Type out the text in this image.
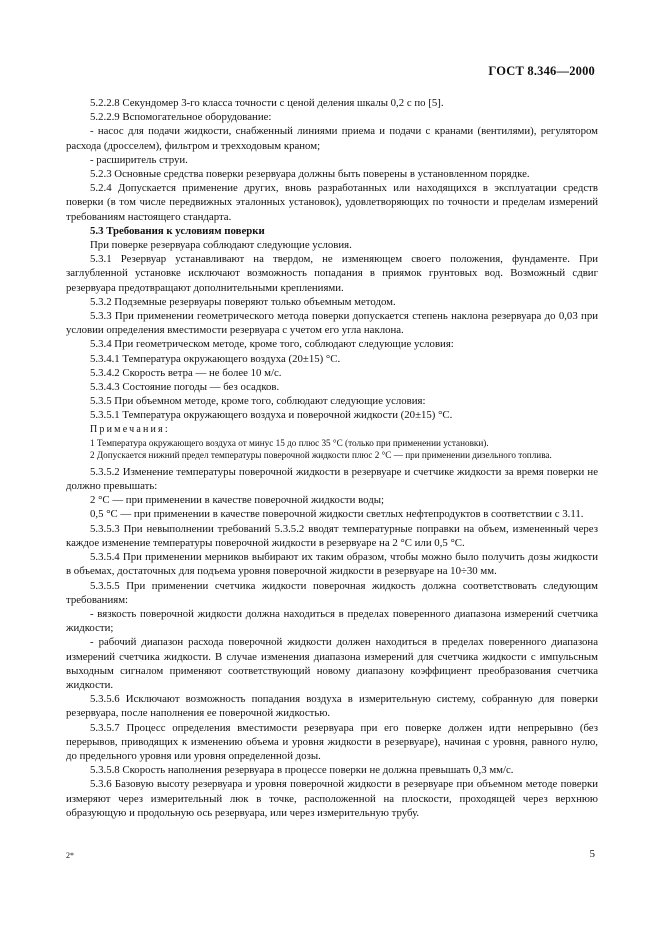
ГОСТ 8.346—2000

5.2.2.8 Секундомер 3-го класса точности с ценой деления шкалы 0,2 с по [5].

5.2.2.9 Вспомогательное оборудование:

- насос для подачи жидкости, снабженный линиями приема и подачи с кранами (вентилями), регулятором расхода (дросселем), фильтром и трехходовым краном;

- расширитель струи.

5.2.3 Основные средства поверки резервуара должны быть поверены в установленном порядке.

5.2.4 Допускается применение других, вновь разработанных или находящихся в эксплуатации средств поверки (в том числе передвижных эталонных установок), удовлетворяющих по точности и пределам измерений требованиям настоящего стандарта.

5.3 Требования к условиям поверки

При поверке резервуара соблюдают следующие условия.

5.3.1 Резервуар устанавливают на твердом, не изменяющем своего положения, фундаменте. При заглубленной установке исключают возможность попадания в приямок грунтовых вод. Возможный сдвиг резервуара предотвращают дополнительными креплениями.

5.3.2 Подземные резервуары поверяют только объемным методом.

5.3.3 При применении геометрического метода поверки допускается степень наклона резервуара до 0,03 при условии определения вместимости резервуара с учетом его угла наклона.

5.3.4 При геометрическом методе, кроме того, соблюдают следующие условия:

5.3.4.1 Температура окружающего воздуха (20±15) °С.

5.3.4.2 Скорость ветра — не более 10 м/с.

5.3.4.3 Состояние погоды — без осадков.

5.3.5 При объемном методе, кроме того, соблюдают следующие условия:

5.3.5.1 Температура окружающего воздуха и поверочной жидкости (20±15) °С.

Примечания:

1 Температура окружающего воздуха от минус 15 до плюс 35 °С (только при применении установки).

2 Допускается нижний предел температуры поверочной жидкости плюс 2 °С — при применении дизельного топлива.

5.3.5.2 Изменение температуры поверочной жидкости в резервуаре и счетчике жидкости за время поверки не должно превышать:

2 °С — при применении в качестве поверочной жидкости воды;

0,5 °С — при применении в качестве поверочной жидкости светлых нефтепродуктов в соответствии с 3.11.

5.3.5.3 При невыполнении требований 5.3.5.2 вводят температурные поправки на объем, измененный через каждое изменение температуры поверочной жидкости в резервуаре на 2 °С или 0,5 °С.

5.3.5.4 При применении мерников выбирают их таким образом, чтобы можно было получить дозы жидкости в объемах, достаточных для подъема уровня поверочной жидкости в резервуаре на 10÷30 мм.

5.3.5.5 При применении счетчика жидкости поверочная жидкость должна соответствовать следующим требованиям:

- вязкость поверочной жидкости должна находиться в пределах поверенного диапазона измерений счетчика жидкости;

- рабочий диапазон расхода поверочной жидкости должен находиться в пределах поверенного диапазона измерений счетчика жидкости. В случае изменения диапазона измерений для счетчика жидкости с импульсным выходным сигналом применяют соответствующий новому диапазону коэффициент преобразования счетчика жидкости.

5.3.5.6 Исключают возможность попадания воздуха в измерительную систему, собранную для поверки резервуара, после наполнения ее поверочной жидкостью.

5.3.5.7 Процесс определения вместимости резервуара при его поверке должен идти непрерывно (без перерывов, приводящих к изменению объема и уровня жидкости в резервуаре), начиная с уровня, равного нулю, до предельного уровня или уровня определенной дозы.

5.3.5.8 Скорость наполнения резервуара в процессе поверки не должна превышать 0,3 мм/с.

5.3.6 Базовую высоту резервуара и уровня поверочной жидкости в резервуаре при объемном методе поверки измеряют через измерительный люк в точке, расположенной на плоскости, проходящей через верхнюю образующую и продольную ось резервуара, или через измерительную трубу.

2*	5
